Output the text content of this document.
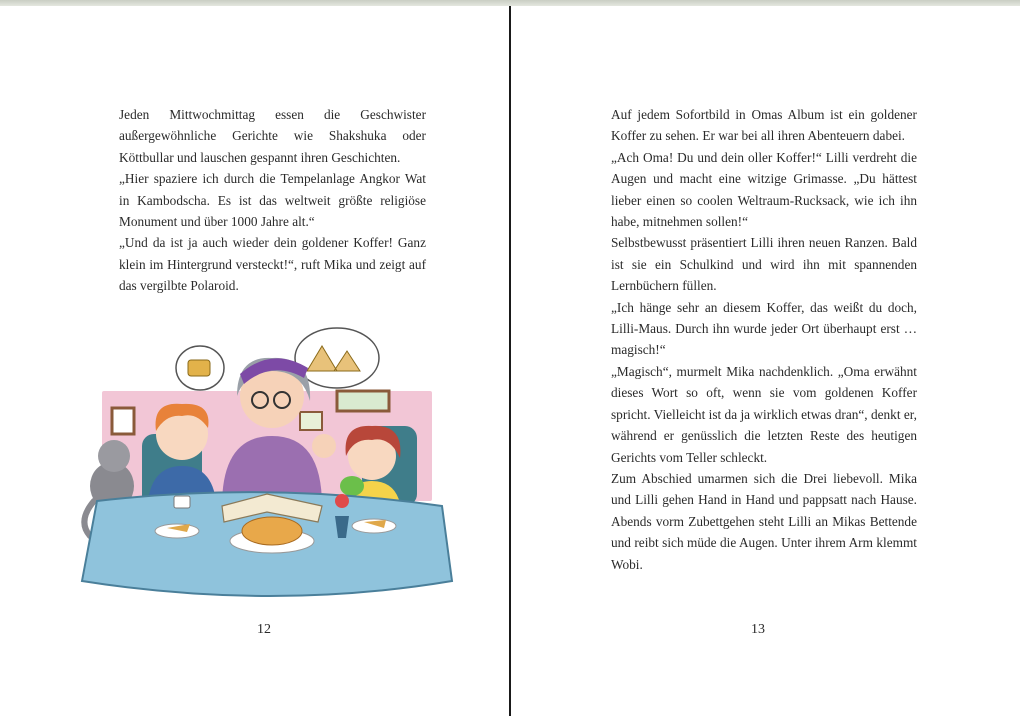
Jeden Mittwochmittag essen die Geschwister außergewöhnliche Gerichte wie Shakshuka oder Köttbullar und lauschen gespannt ihren Geschichten.

„Hier spaziere ich durch die Tempelanlage Angkor Wat in Kambodscha. Es ist das weltweit größte religiöse Monument und über 1000 Jahre alt.“

„Und da ist ja auch wieder dein goldener Koffer! Ganz klein im Hintergrund versteckt!“, ruft Mika und zeigt auf das vergilbte Polaroid.

12

Auf jedem Sofortbild in Omas Album ist ein goldener Koffer zu sehen. Er war bei all ihren Abenteuern dabei.

„Ach Oma! Du und dein oller Koffer!“ Lilli verdreht die Augen und macht eine witzige Grimasse. „Du hättest lieber einen so coolen Weltraum-Rucksack, wie ich ihn habe, mitnehmen sollen!“

Selbstbewusst präsentiert Lilli ihren neuen Ranzen. Bald ist sie ein Schulkind und wird ihn mit spannenden Lernbüchern füllen.

„Ich hänge sehr an diesem Koffer, das weißt du doch, Lilli-Maus. Durch ihn wurde jeder Ort überhaupt erst … magisch!“

„Magisch“, murmelt Mika nachdenklich. „Oma erwähnt dieses Wort so oft, wenn sie vom goldenen Koffer spricht. Vielleicht ist da ja wirklich etwas dran“, denkt er, während er genüsslich die letzten Reste des heutigen Gerichts vom Teller schleckt.

Zum Abschied umarmen sich die Drei liebevoll. Mika und Lilli gehen Hand in Hand und pappsatt nach Hause. Abends vorm Zubettgehen steht Lilli an Mikas Bettende und reibt sich müde die Augen. Unter ihrem Arm klemmt Wobi.

13
